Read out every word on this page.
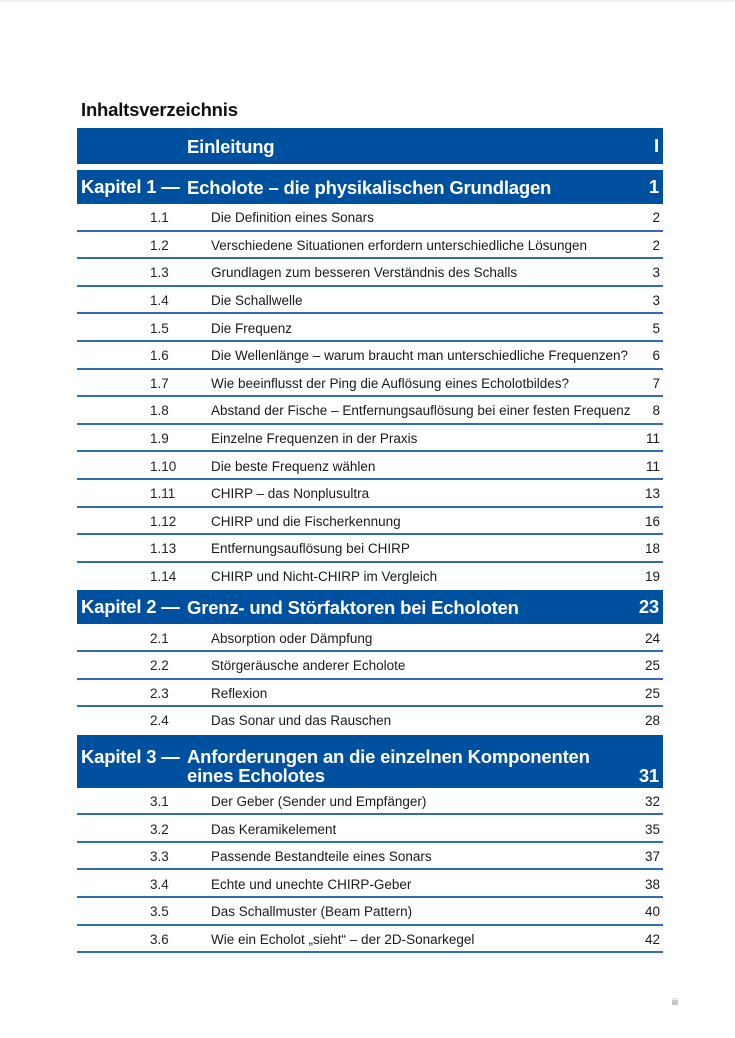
Inhaltsverzeichnis
Einleitung	I
Kapitel 1 — Echolote – die physikalischen Grundlagen	1
1.1	Die Definition eines Sonars	2
1.2	Verschiedene Situationen erfordern unterschiedliche Lösungen	2
1.3	Grundlagen zum besseren Verständnis des Schalls	3
1.4	Die Schallwelle	3
1.5	Die Frequenz	5
1.6	Die Wellenlänge – warum braucht man unterschiedliche Frequenzen? 6
1.7	Wie beeinflusst der Ping die Auflösung eines Echolotbildes?	7
1.8	Abstand der Fische – Entfernungsauflösung bei einer festen Frequenz 8
1.9	Einzelne Frequenzen in der Praxis	11
1.10	Die beste Frequenz wählen	11
1.11	CHIRP – das Nonplusultra	13
1.12	CHIRP und die Fischerkennung	16
1.13	Entfernungsauflösung bei CHIRP	18
1.14	CHIRP und Nicht-CHIRP im Vergleich	19
Kapitel 2 — Grenz- und Störfaktoren bei Echoloten	23
2.1	Absorption oder Dämpfung	24
2.2	Störgeräusche anderer Echolote	25
2.3	Reflexion	25
2.4	Das Sonar und das Rauschen	28
Kapitel 3 — Anforderungen an die einzelnen Komponenten
eines Echolotes	31
3.1	Der Geber (Sender und Empfänger)	32
3.2	Das Keramikelement	35
3.3	Passende Bestandteile eines Sonars	37
3.4	Echte und unechte CHIRP-Geber	38
3.5	Das Schallmuster (Beam Pattern)	40
3.6	Wie ein Echolot „sieht“ – der 2D-Sonarkegel	42
iii
